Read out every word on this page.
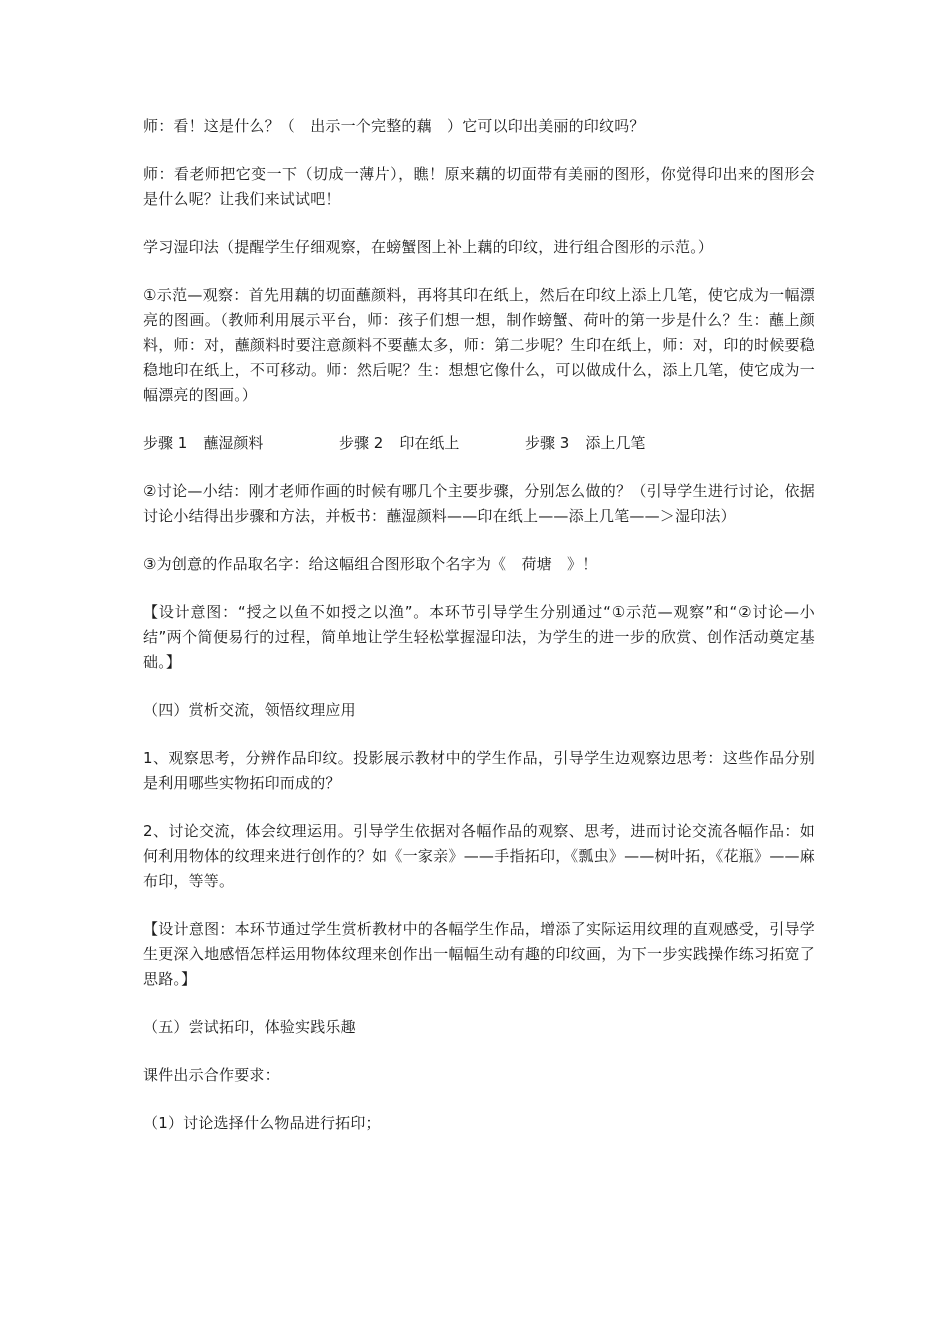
师：看！这是什么？（　出示一个完整的藕　）它可以印出美丽的印纹吗？

师：看老师把它变一下（切成一薄片），瞧！原来藕的切面带有美丽的图形，你觉得印出来的图形会是什么呢？让我们来试试吧！

学习湿印法（提醒学生仔细观察，在螃蟹图上补上藕的印纹，进行组合图形的示范。）

①示范—观察：首先用藕的切面蘸颜料，再将其印在纸上，然后在印纹上添上几笔，使它成为一幅漂亮的图画。（教师利用展示平台，师：孩子们想一想，制作螃蟹、荷叶的第一步是什么？生：蘸上颜料，师：对，蘸颜料时要注意颜料不要蘸太多，师：第二步呢？生印在纸上，师：对，印的时候要稳稳地印在纸上，不可移动。师：然后呢？生：想想它像什么，可以做成什么，添上几笔，使它成为一幅漂亮的图画。）

步骤 1 蘸湿颜料	步骤 2 印在纸上	步骤 3 添上几笔

②讨论—小结：刚才老师作画的时候有哪几个主要步骤，分别怎么做的？（引导学生进行讨论，依据讨论小结得出步骤和方法，并板书：蘸湿颜料——印在纸上——添上几笔——＞湿印法）

③为创意的作品取名字：给这幅组合图形取个名字为《　荷塘　》！

【设计意图：“授之以鱼不如授之以渔”。本环节引导学生分别通过“①示范—观察”和“②讨论—小结”两个简便易行的过程，简单地让学生轻松掌握湿印法，为学生的进一步的欣赏、创作活动奠定基础。】

（四）赏析交流，领悟纹理应用

1、观察思考，分辨作品印纹。投影展示教材中的学生作品，引导学生边观察边思考：这些作品分别是利用哪些实物拓印而成的？

2、讨论交流，体会纹理运用。引导学生依据对各幅作品的观察、思考，进而讨论交流各幅作品：如何利用物体的纹理来进行创作的？如《一家亲》——手指拓印，《瓢虫》——树叶拓，《花瓶》——麻布印，等等。

【设计意图：本环节通过学生赏析教材中的各幅学生作品，增添了实际运用纹理的直观感受，引导学生更深入地感悟怎样运用物体纹理来创作出一幅幅生动有趣的印纹画，为下一步实践操作练习拓宽了思路。】

（五）尝试拓印，体验实践乐趣

课件出示合作要求：

（1）讨论选择什么物品进行拓印；
